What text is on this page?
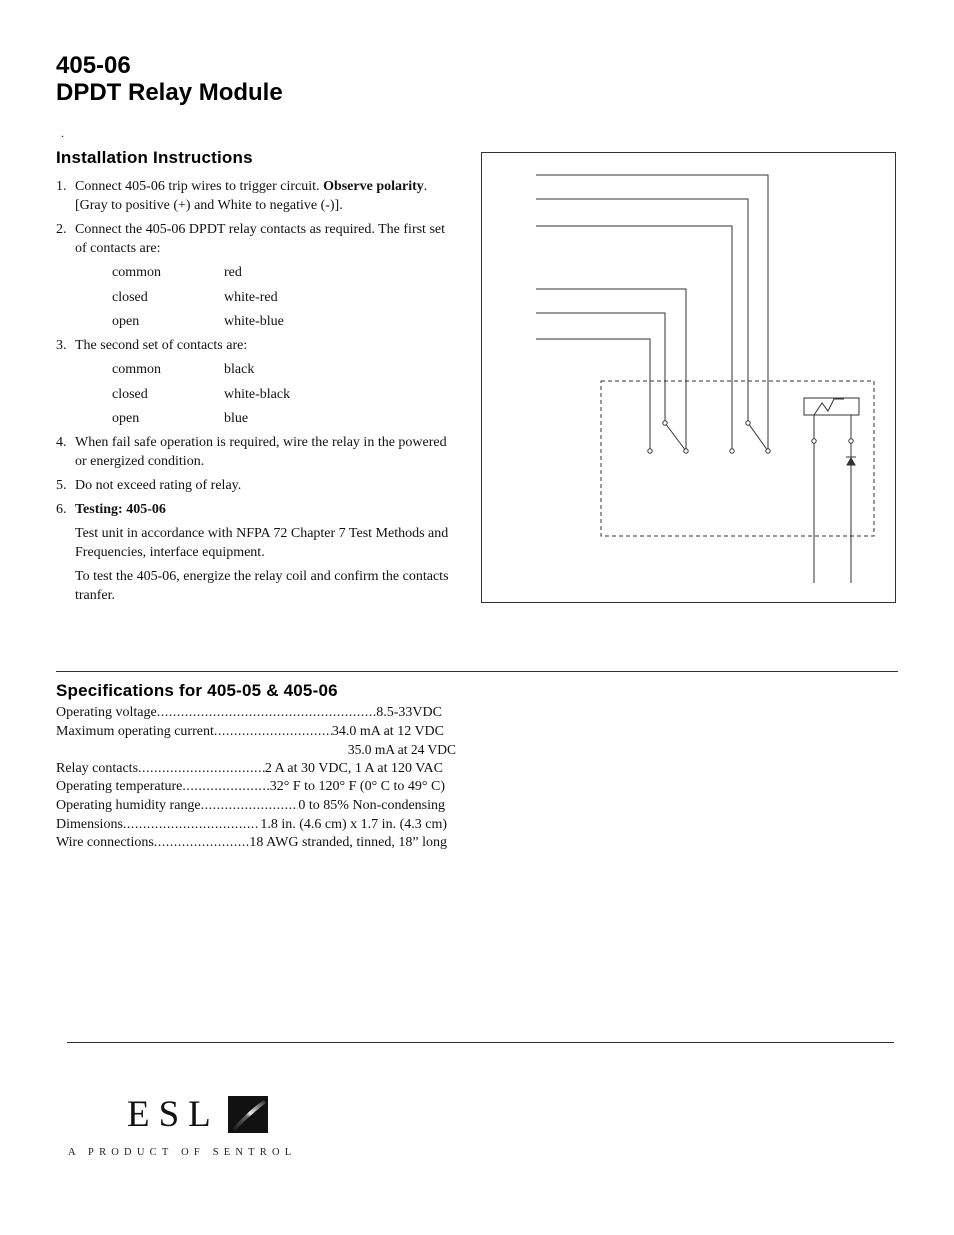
405-06
DPDT Relay Module
.
Installation Instructions
1. Connect 405-06 trip wires to trigger circuit. Observe polarity. [Gray to positive (+) and White to negative (-)].
2. Connect the 405-06 DPDT relay contacts as required. The first set of contacts are:
common	red
closed	white-red
open	white-blue
3. The second set of contacts are:
common	black
closed	white-black
open	blue
4. When fail safe operation is required, wire the relay in the powered or energized condition.
5. Do not exceed rating of relay.
6. Testing: 405-06

Test unit in accordance with NFPA 72 Chapter 7 Test Methods and Frequencies, interface equipment.

To test the 405-06, energize the relay coil and confirm the contacts tranfer.

Specifications for 405-05 & 405-06
Operating voltage .....	8.5-33VDC
Maximum operating current .....	34.0 mA at 12 VDC
35.0 mA at 24 VDC
Relay contacts .....	2 A at 30 VDC, 1 A at 120 VAC
Operating temperature .....	32° F to 120° F (0° C to 49° C)
Operating humidity range .....	0 to 85% Non-condensing
Dimensions .....	1.8 in. (4.6 cm) x 1.7 in. (4.3 cm)
Wire connections .....	18 AWG stranded, tinned, 18” long
ESL
A PRODUCT OF SENTROL
